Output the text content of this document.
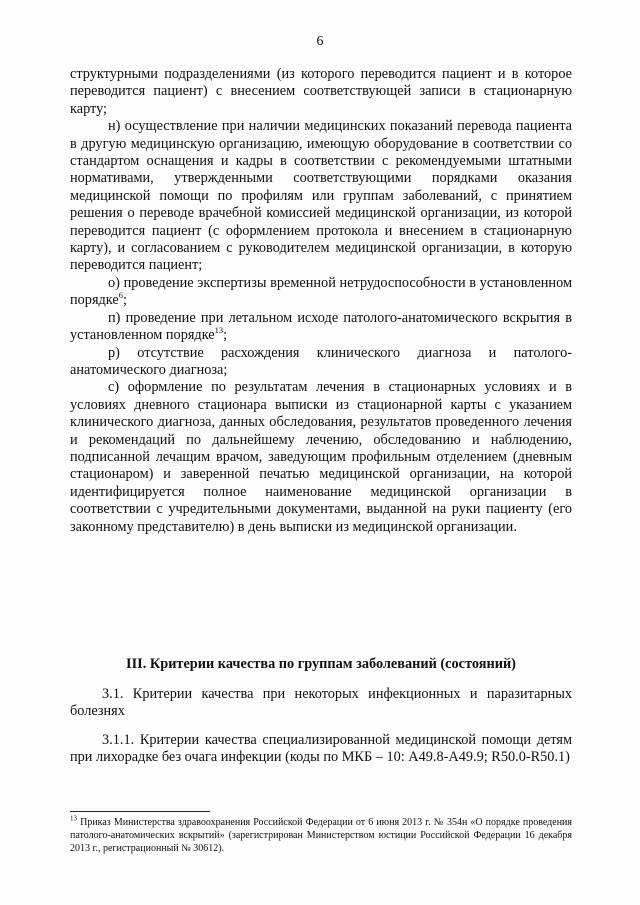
6

структурными подразделениями (из которого переводится пациент и в которое переводится пациент) с внесением соответствующей записи в стационарную карту;

н) осуществление при наличии медицинских показаний перевода пациента в другую медицинскую организацию, имеющую оборудование в соответствии со стандартом оснащения и кадры в соответствии с рекомендуемыми штатными нормативами, утвержденными соответствующими порядками оказания медицинской помощи по профилям или группам заболеваний, с принятием решения о переводе врачебной комиссией медицинской организации, из которой переводится пациент (с оформлением протокола и внесением в стационарную карту), и согласованием с руководителем медицинской организации, в которую переводится пациент;

о) проведение экспертизы временной нетрудоспособности в установленном порядке$^6$;

п) проведение при летальном исходе патолого-анатомического вскрытия в установленном порядке$^{13}$;

р) отсутствие расхождения клинического диагноза и патолого-анатомического диагноза;

с) оформление по результатам лечения в стационарных условиях и в условиях дневного стационара выписки из стационарной карты с указанием клинического диагноза, данных обследования, результатов проведенного лечения и рекомендаций по дальнейшему лечению, обследованию и наблюдению, подписанной лечащим врачом, заведующим профильным отделением (дневным стационаром) и заверенной печатью медицинской организации, на которой идентифицируется полное наименование медицинской организации в соответствии с учредительными документами, выданной на руки пациенту (его законному представителю) в день выписки из медицинской организации.

III. Критерии качества по группам заболеваний (состояний)
3.1. Критерии качества при некоторых инфекционных и паразитарных болезнях
3.1.1. Критерии качества специализированной медицинской помощи детям при лихорадке без очага инфекции (коды по МКБ – 10: A49.8-A49.9; R50.0-R50.1)
$^{13}$ Приказ Министерства здравоохранения Российской Федерации от 6 июня 2013 г. № 354н «О порядке проведения патолого-анатомических вскрытий» (зарегистрирован Министерством юстиции Российской Федерации 16 декабря 2013 г., регистрационный № 30612).
